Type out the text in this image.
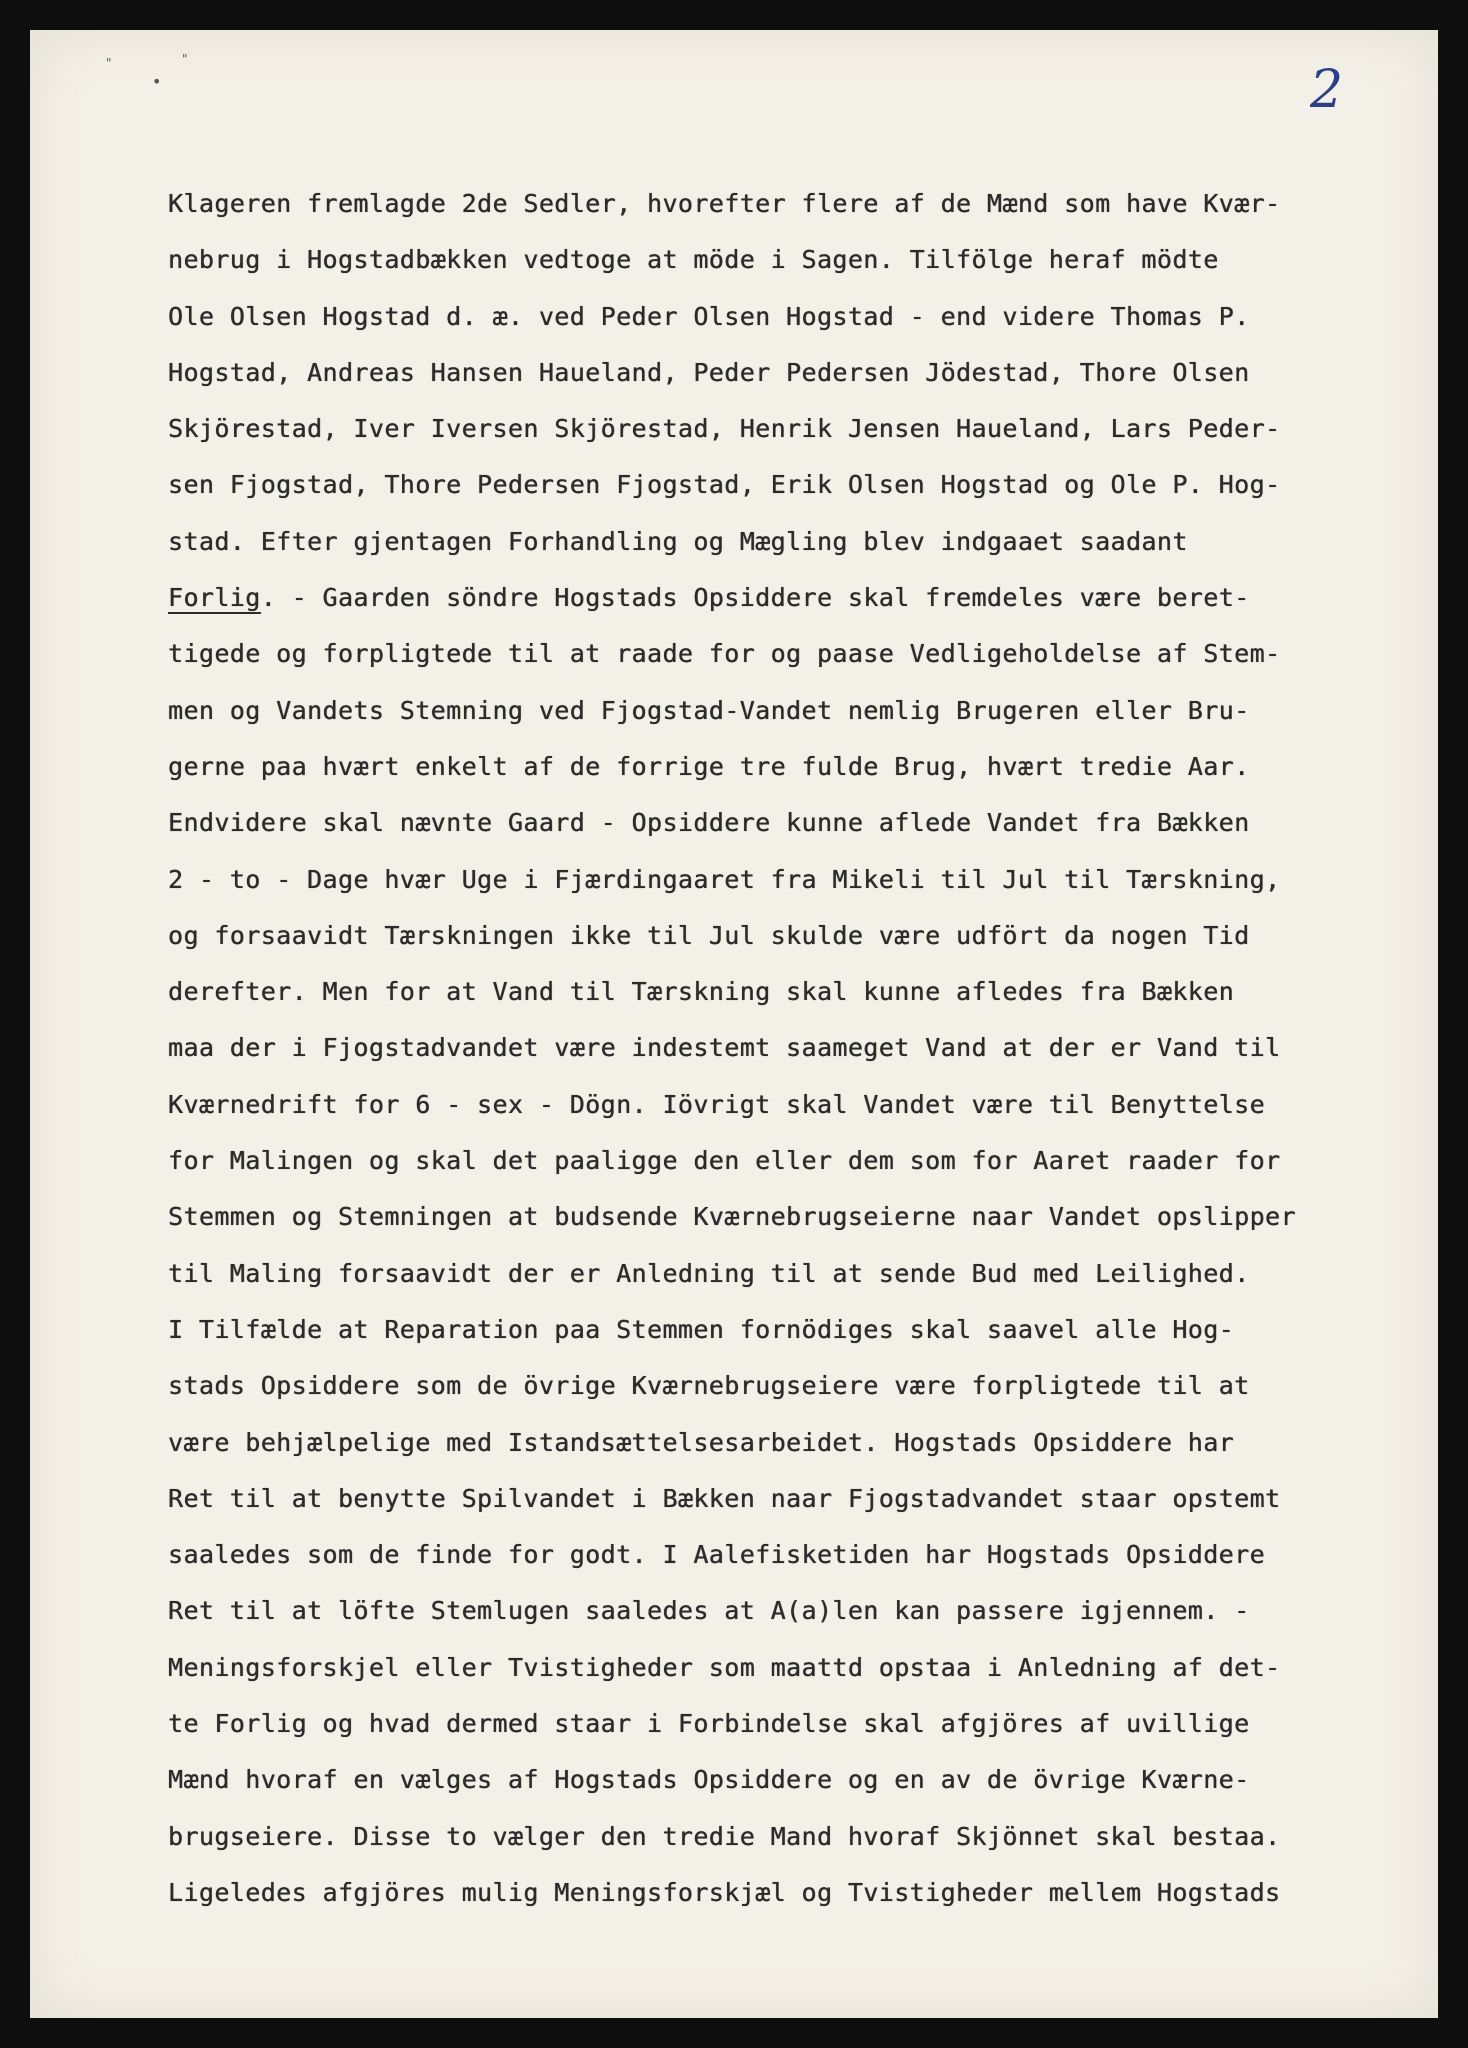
"
•
"
2
Klageren fremlagde 2de Sedler, hvorefter flere af de Mænd som have Kvær-
nebrug i Hogstadbækken vedtoge at möde i Sagen. Tilfölge heraf mödte
Ole Olsen Hogstad d. æ. ved Peder Olsen Hogstad - end videre Thomas P.
Hogstad, Andreas Hansen Haueland, Peder Pedersen Jödestad, Thore Olsen
Skjörestad, Iver Iversen Skjörestad, Henrik Jensen Haueland, Lars Peder-
sen Fjogstad, Thore Pedersen Fjogstad, Erik Olsen Hogstad og Ole P. Hog-
stad. Efter gjentagen Forhandling og Mægling blev indgaaet saadant
Forlig. - Gaarden söndre Hogstads Opsiddere skal fremdeles være beret-
tigede og forpligtede til at raade for og paase Vedligeholdelse af Stem-
men og Vandets Stemning ved Fjogstad-Vandet nemlig Brugeren eller Bru-
gerne paa hvært enkelt af de forrige tre fulde Brug, hvært tredie Aar.
Endvidere skal nævnte Gaard - Opsiddere kunne aflede Vandet fra Bækken
2 - to - Dage hvær Uge i Fjærdingaaret fra Mikeli til Jul til Tærskning,
og forsaavidt Tærskningen ikke til Jul skulde være udfört da nogen Tid
derefter. Men for at Vand til Tærskning skal kunne afledes fra Bækken
maa der i Fjogstadvandet være indestemt saameget Vand at der er Vand til
Kværnedrift for 6 - sex - Dögn. Iövrigt skal Vandet være til Benyttelse
for Malingen og skal det paaligge den eller dem som for Aaret raader for
Stemmen og Stemningen at budsende Kværnebrugseierne naar Vandet opslipper
til Maling forsaavidt der er Anledning til at sende Bud med Leilighed.
I Tilfælde at Reparation paa Stemmen fornödiges skal saavel alle Hog-
stads Opsiddere som de övrige Kværnebrugseiere være forpligtede til at
være behjælpelige med Istandsættelsesarbeidet. Hogstads Opsiddere har
Ret til at benytte Spilvandet i Bækken naar Fjogstadvandet staar opstemt
saaledes som de finde for godt. I Aalefisketiden har Hogstads Opsiddere
Ret til at löfte Stemlugen saaledes at A(a)len kan passere igjennem. -
Meningsforskjel eller Tvistigheder som maattd opstaa i Anledning af det-
te Forlig og hvad dermed staar i Forbindelse skal afgjöres af uvillige
Mænd hvoraf en vælges af Hogstads Opsiddere og en av de övrige Kværne-
brugseiere. Disse to vælger den tredie Mand hvoraf Skjönnet skal bestaa.
Ligeledes afgjöres mulig Meningsforskjæl og Tvistigheder mellem Hogstads
